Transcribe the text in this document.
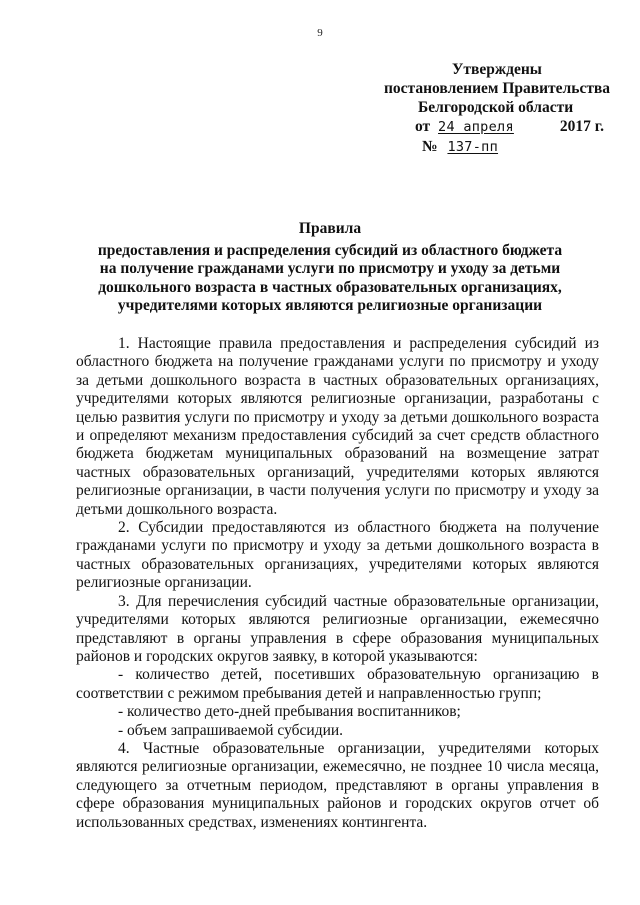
9
Утверждены
постановлением Правительства
Белгородской области
от 24 апреля	2017 г.
№ 137-пп
Правила
предоставления и распределения субсидий из областного бюджета на получение гражданами услуги по присмотру и уходу за детьми дошкольного возраста в частных образовательных организациях, учредителями которых являются религиозные организации

1. Настоящие правила предоставления и распределения субсидий из областного бюджета на получение гражданами услуги по присмотру и уходу за детьми дошкольного возраста в частных образовательных организациях, учредителями которых являются религиозные организации, разработаны с целью развития услуги по присмотру и уходу за детьми дошкольного возраста и определяют механизм предоставления субсидий за счет средств областного бюджета бюджетам муниципальных образований на возмещение затрат частных образовательных организаций, учредителями которых являются религиозные организации, в части получения услуги по присмотру и уходу за детьми дошкольного возраста.

2. Субсидии предоставляются из областного бюджета на получение гражданами услуги по присмотру и уходу за детьми дошкольного возраста в частных образовательных организациях, учредителями которых являются религиозные организации.

3. Для перечисления субсидий частные образовательные организации, учредителями которых являются религиозные организации, ежемесячно представляют в органы управления в сфере образования муниципальных районов и городских округов заявку, в которой указываются:

- количество детей, посетивших образовательную организацию в соответствии с режимом пребывания детей и направленностью групп;

- количество дето-дней пребывания воспитанников;

- объем запрашиваемой субсидии.

4. Частные образовательные организации, учредителями которых являются религиозные организации, ежемесячно, не позднее 10 числа месяца, следующего за отчетным периодом, представляют в органы управления в сфере образования муниципальных районов и городских округов отчет об использованных средствах, изменениях контингента.
